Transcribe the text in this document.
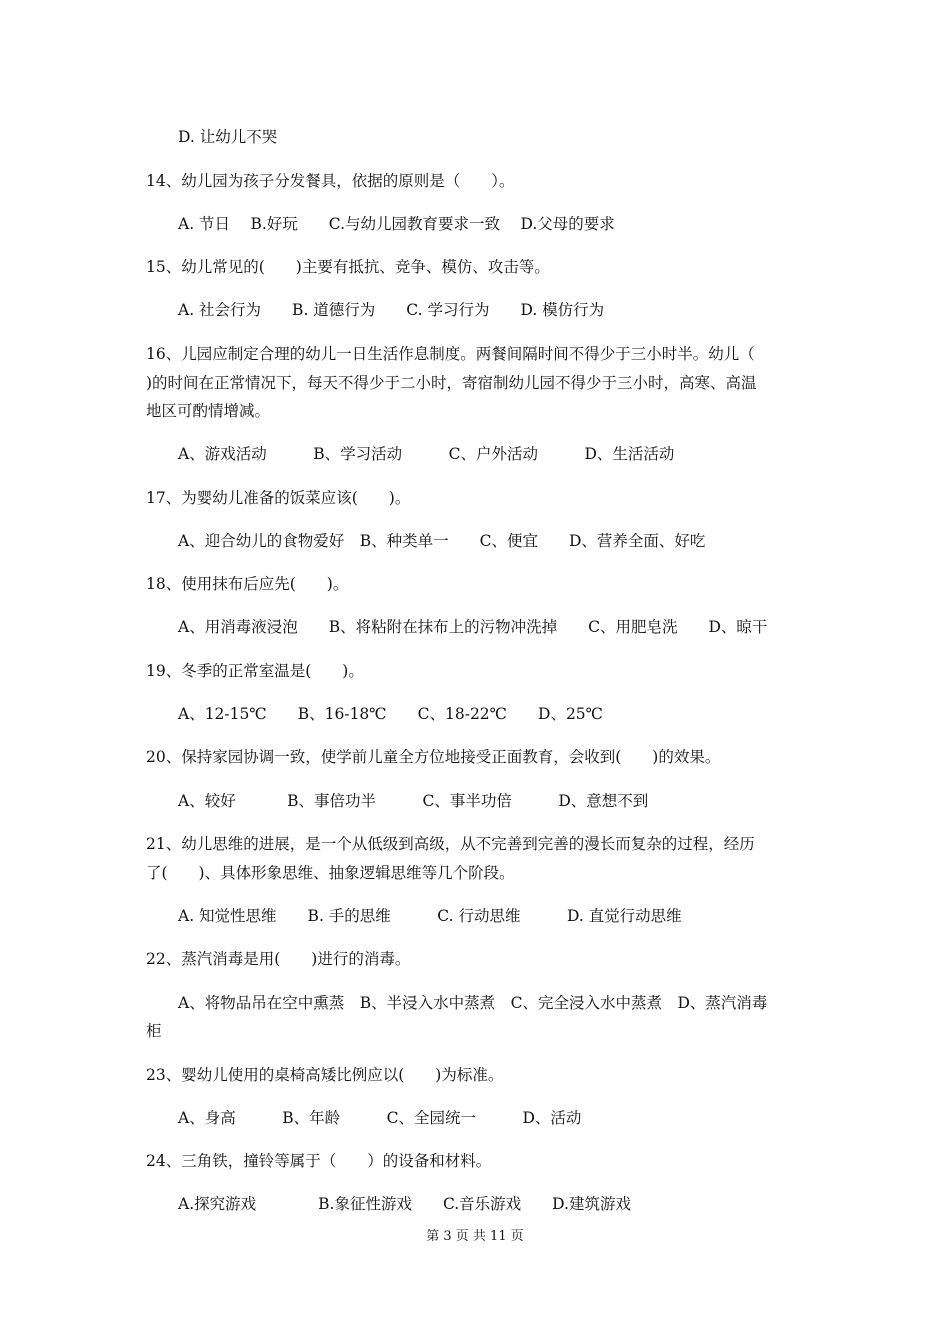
D. 让幼儿不哭
14、幼儿园为孩子分发餐具，依据的原则是（　　）。
A. 节日　 B.好玩　　C.与幼儿园教育要求一致　 D.父母的要求
15、幼儿常见的(　　)主要有抵抗、竞争、模仿、攻击等。
A. 社会行为　　B. 道德行为　　C. 学习行为　　D. 模仿行为
16、儿园应制定合理的幼儿一日生活作息制度。两餐间隔时间不得少于三小时半。幼儿（
)的时间在正常情况下，每天不得少于二小时，寄宿制幼儿园不得少于三小时，高寒、高温
地区可酌情增减。
A、游戏活动　　　B、学习活动　　　C、户外活动　　　D、生活活动
17、为婴幼儿准备的饭菜应该(　　)。
A、迎合幼儿的食物爱好　B、种类单一　　C、便宜　　D、营养全面、好吃
18、使用抹布后应先(　　)。
A、用消毒液浸泡　　B、将粘附在抹布上的污物冲洗掉　　C、用肥皂洗　　D、晾干
19、冬季的正常室温是(　　)。
A、12-15℃　　B、16-18℃　　C、18-22℃　　D、25℃
20、保持家园协调一致，使学前儿童全方位地接受正面教育，会收到(　　)的效果。
A、较好　　　 B、事倍功半　　　C、事半功倍　　　D、意想不到
21、幼儿思维的进展，是一个从低级到高级，从不完善到完善的漫长而复杂的过程，经历
了(　　)、具体形象思维、抽象逻辑思维等几个阶段。
A. 知觉性思维　　B. 手的思维　　　C. 行动思维　　　D. 直觉行动思维
22、蒸汽消毒是用(　　)进行的消毒。
A、将物品吊在空中熏蒸　B、半浸入水中蒸煮　C、完全浸入水中蒸煮　D、蒸汽消毒
柜
23、婴幼儿使用的桌椅高矮比例应以(　　)为标准。
A、身高　　　B、年龄　　　C、全园统一　　　D、活动
24、三角铁，撞铃等属于（　　）的设备和材料。
A.探究游戏　　　　B.象征性游戏　　C.音乐游戏　　D.建筑游戏
第 3 页 共 11 页
